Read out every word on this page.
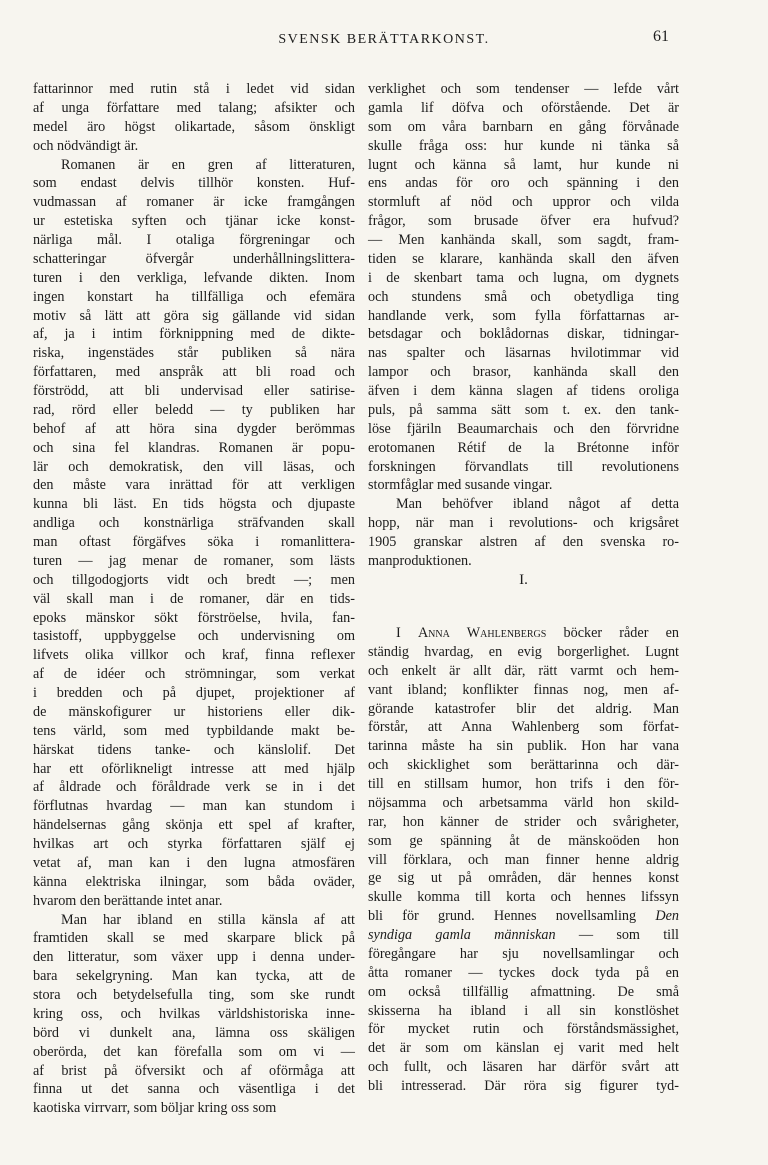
SVENSK BERÄTTARKONST.	61
fattarinnor med rutin stå i ledet vid sidan
af unga författare med talang; afsikter och
medel äro högst olikartade, såsom önskligt
och nödvändigt är.
Romanen är en gren af litteraturen,
som endast delvis tillhör konsten. Huf-
vudmassan af romaner är icke framgången
ur estetiska syften och tjänar icke konst-
närliga mål. I otaliga förgreningar och
schatteringar öfvergår underhållningslittera-
turen i den verkliga, lefvande dikten. Inom
ingen konstart ha tillfälliga och efemära
motiv så lätt att göra sig gällande vid sidan
af, ja i intim förknippning med de dikte-
riska, ingenstädes står publiken så nära
författaren, med anspråk att bli road och
förströdd, att bli undervisad eller satirise-
rad, rörd eller beledd — ty publiken har
behof af att höra sina dygder berömmas
och sina fel klandras. Romanen är popu-
lär och demokratisk, den vill läsas, och
den måste vara inrättad för att verkligen
kunna bli läst. En tids högsta och djupaste
andliga och konstnärliga strāfvanden skall
man oftast förgäfves söka i romanlittera-
turen — jag menar de romaner, som lästs
och tillgodogjorts vidt och bredt —; men
väl skall man i de romaner, där en tids-
epoks mänskor sökt förströelse, hvila, fan-
tasistoff, uppbyggelse och undervisning om
lifvets olika villkor och kraf, finna reflexer
af de idéer och strömningar, som verkat
i bredden och på djupet, projektioner af
de mänskofigurer ur historiens eller dik-
tens värld, som med typbildande makt be-
härskat tidens tanke- och känslolif. Det
har ett oförlikneligt intresse att med hjälp
af åldrade och föråldrade verk se in i det
förflutnas hvardag — man kan stundom i
händelsernas gång skönja ett spel af krafter,
hvilkas art och styrka författaren själf ej
vetat af, man kan i den lugna atmosfären
känna elektriska ilningar, som båda oväder,
hvarom den berättande intet anar.
Man har ibland en stilla känsla af att
framtiden skall se med skarpare blick på
den litteratur, som växer upp i denna under-
bara sekelgryning. Man kan tycka, att de
stora och betydelsefulla ting, som ske rundt
kring oss, och hvilkas världshistoriska inne-
börd vi dunkelt ana, lämna oss skäligen
oberörda, det kan förefalla som om vi —
af brist på öfversikt och af oförmåga att
finna ut det sanna och väsentliga i det
kaotiska virrvarr, som böljar kring oss som
verklighet och som tendenser — lefde vårt
gamla lif döfva och oförstående. Det är
som om våra barnbarn en gång förvånade
skulle fråga oss: hur kunde ni tänka så
lugnt och känna så lamt, hur kunde ni
ens andas för oro och spänning i den
stormluft af nöd och uppror och vilda
frågor, som brusade öfver era hufvud?
— Men kanhända skall, som sagdt, fram-
tiden se klarare, kanhända skall den äfven
i de skenbart tama och lugna, om dygnets
och stundens små och obetydliga ting
handlande verk, som fylla författarnas ar-
betsdagar och boklådornas diskar, tidningar-
nas spalter och läsarnas hvilotimmar vid
lampor och brasor, kanhända skall den
äfven i dem känna slagen af tidens oroliga
puls, på samma sätt som t. ex. den tank-
löse fjäriln Beaumarchais och den förvridne
erotomanen Rétif de la Brétonne inför
forskningen förvandlats till revolutionens
stormfåglar med susande vingar.
Man behöfver ibland något af detta
hopp, när man i revolutions- och krigsåret
1905 granskar alstren af den svenska ro-
manproduktionen.
I.
I Anna Wahlenbergs böcker råder en
ständig hvardag, en evig borgerlighet. Lugnt
och enkelt är allt där, rätt varmt och hem-
vant ibland; konflikter finnas nog, men af-
görande katastrofer blir det aldrig. Man
förstår, att Anna Wahlenberg som förfat-
tarinna måste ha sin publik. Hon har vana
och skicklighet som berättarinna och där-
till en stillsam humor, hon trifs i den för-
nöjsamma och arbetsamma värld hon skild-
rar, hon känner de strider och svårigheter,
som ge spänning åt de mänskoöden hon
vill förklara, och man finner henne aldrig
ge sig ut på områden, där hennes konst
skulle komma till korta och hennes lifssyn
bli för grund. Hennes novellsamling Den
syndiga gamla människan — som till
föregångare har sju novellsamlingar och
åtta romaner — tyckes dock tyda på en
om också tillfällig afmattning. De små
skisserna ha ibland i all sin konstlöshet
för mycket rutin och förståndsmässighet,
det är som om känslan ej varit med helt
och fullt, och läsaren har därför svårt att
bli intresserad. Där röra sig figurer tyd-
